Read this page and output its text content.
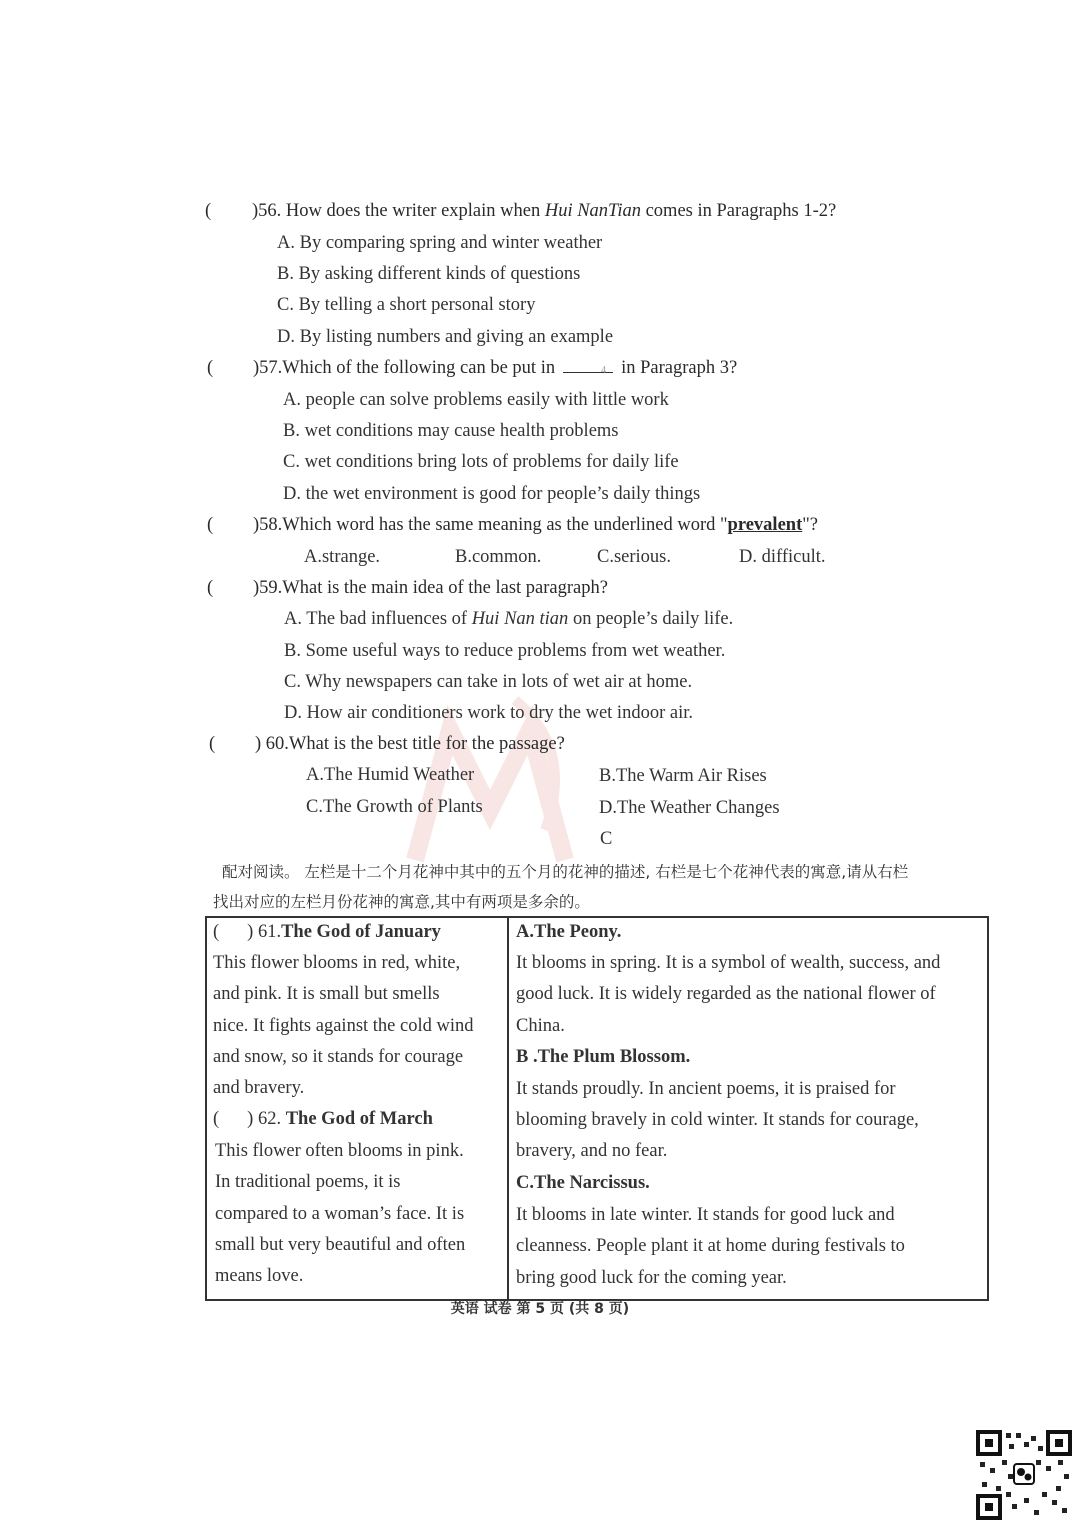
( )56. How does the writer explain when Hui NanTian comes in Paragraphs 1-2?
A. By comparing spring and winter weather
B. By asking different kinds of questions
C. By telling a short personal story
D. By listing numbers and giving an example
( )57.Which of the following can be put in	4 in Paragraph 3?
A. people can solve problems easily with little work
B. wet conditions may cause health problems
C. wet conditions bring lots of problems for daily life
D. the wet environment is good for people’s daily things
( )58.Which word has the same meaning as the underlined word "prevalent"?
A.strange.	B.common.	C.serious.	D. difficult.
( )59.What is the main idea of the last paragraph?
A. The bad influences of Hui Nan tian on people’s daily life.
B. Some useful ways to reduce problems from wet weather.
C. Why newspapers can take in lots of wet air at home.
D. How air conditioners work to dry the wet indoor air.
( ) 60.What is the best title for the passage?
A.The Humid Weather	B.The Warm Air Rises
C.The Growth of Plants	D.The Weather Changes
C
配对阅读。 左栏是十二个月花神中其中的五个月的花神的描述, 右栏是七个花神代表的寓意,请从右栏
找出对应的左栏月份花神的寓意,其中有两项是多余的。
( ) 61.The God of January
This flower blooms in red, white,
and pink. It is small but smells
nice. It fights against the cold wind
and snow, so it stands for courage
and bravery.
( ) 62. The God of March
This flower often blooms in pink.
In traditional poems, it is
compared to a woman’s face. It is
small but very beautiful and often
means love.
A.The Peony.
It blooms in spring. It is a symbol of wealth, success, and
good luck. It is widely regarded as the national flower of
China.
B .The Plum Blossom.
It stands proudly. In ancient poems, it is praised for
blooming bravely in cold winter. It stands for courage,
bravery, and no fear.
C.The Narcissus.
It blooms in late winter. It stands for good luck and
cleanness. People plant it at home during festivals to
bring good luck for the coming year.
英语 试卷 第 5 页 (共 8 页)
